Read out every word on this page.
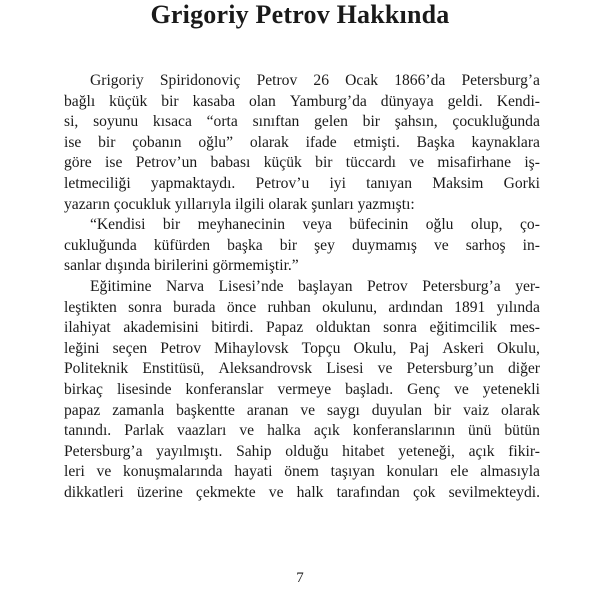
Grigoriy Petrov Hakkında
Grigoriy Spiridonoviç Petrov 26 Ocak 1866’da Petersburg’a
bağlı küçük bir kasaba olan Yamburg’da dünyaya geldi. Kendi-
si, soyunu kısaca “orta sınıftan gelen bir şahsın, çocukluğunda
ise bir çobanın oğlu” olarak ifade etmişti. Başka kaynaklara
göre ise Petrov’un babası küçük bir tüccardı ve misafirhane iş-
letmeciliği yapmaktaydı. Petrov’u iyi tanıyan Maksim Gorki
yazarın çocukluk yıllarıyla ilgili olarak şunları yazmıştı:
“Kendisi bir meyhanecinin veya büfecinin oğlu olup, ço-
cukluğunda küfürden başka bir şey duymamış ve sarhoş in-
sanlar dışında birilerini görmemiştir.”
Eğitimine Narva Lisesi’nde başlayan Petrov Petersburg’a yer-
leştikten sonra burada önce ruhban okulunu, ardından 1891 yılında
ilahiyat akademisini bitirdi. Papaz olduktan sonra eğitimcilik mes-
leğini seçen Petrov Mihaylovsk Topçu Okulu, Paj Askeri Okulu,
Politeknik Enstitüsü, Aleksandrovsk Lisesi ve Petersburg’un diğer
birkaç lisesinde konferanslar vermeye başladı. Genç ve yetenekli
papaz zamanla başkentte aranan ve saygı duyulan bir vaiz olarak
tanındı. Parlak vaazları ve halka açık konferanslarının ünü bütün
Petersburg’a yayılmıştı. Sahip olduğu hitabet yeteneği, açık fikir-
leri ve konuşmalarında hayati önem taşıyan konuları ele almasıyla
dikkatleri üzerine çekmekte ve halk tarafından çok sevilmekteydi.
7
